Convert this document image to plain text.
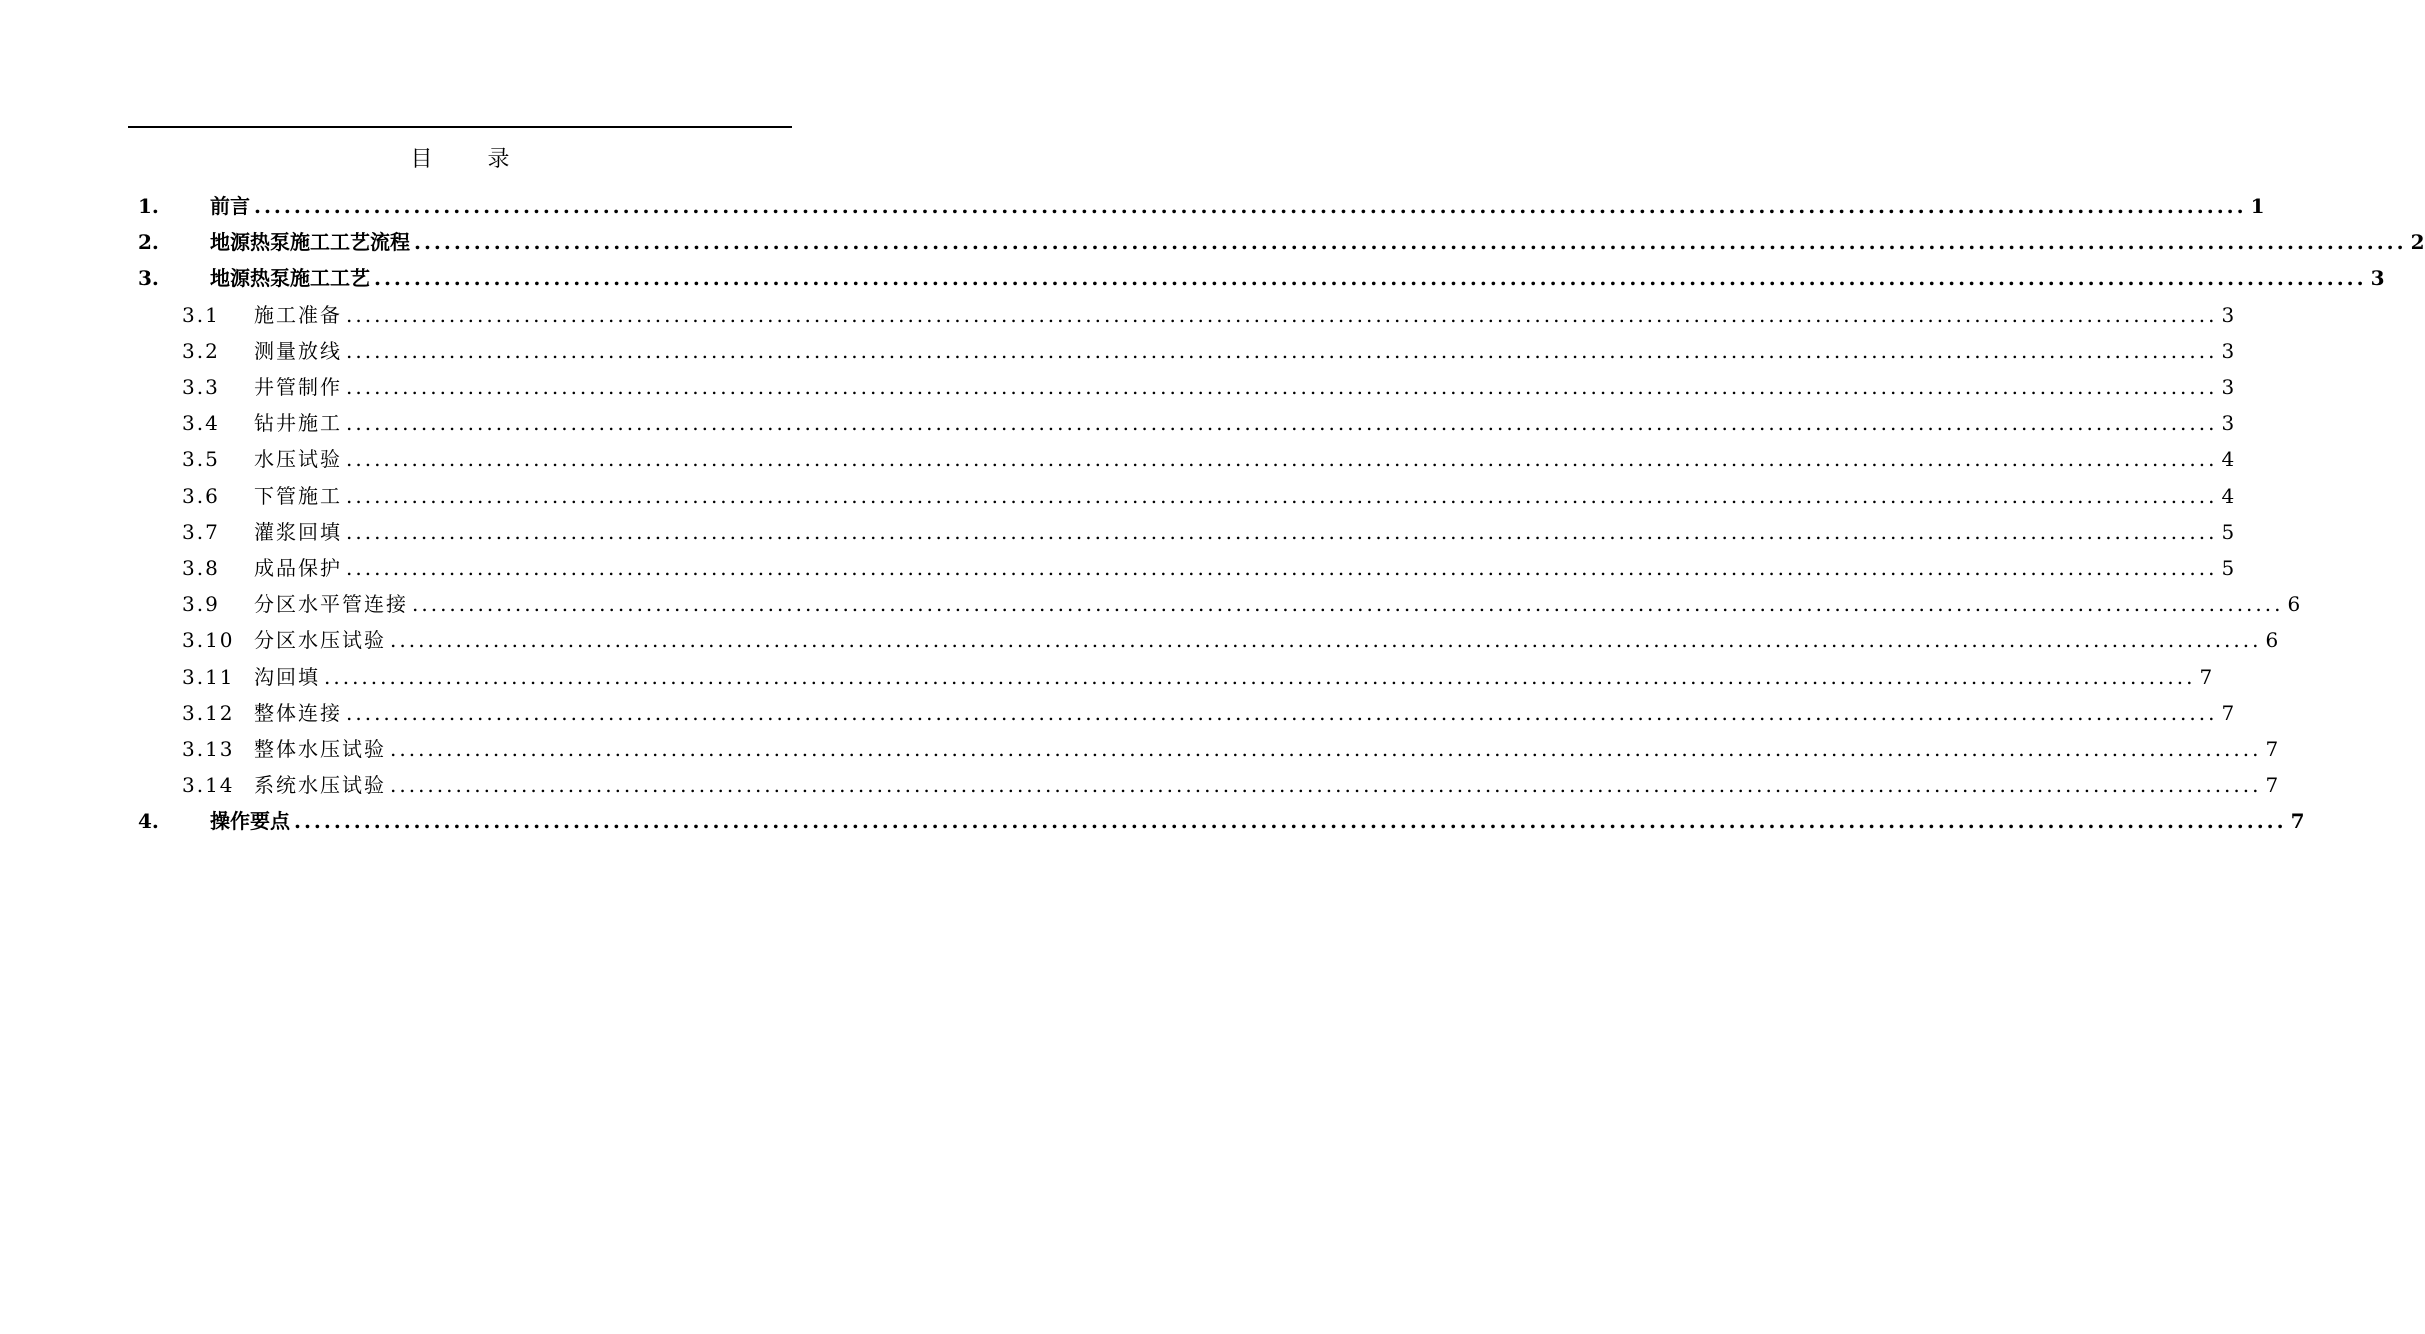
目 录
1.	前言 ........................................................................................................................................................................................................ 1
2.	地源热泵施工工艺流程 ........................................................................................................................................................................................................ 2
3.	地源热泵施工工艺 ........................................................................................................................................................................................................ 3
3.1 施工准备 ........................................................................................................................................................................................................ 3
3.2 测量放线 ........................................................................................................................................................................................................ 3
3.3 井管制作 ........................................................................................................................................................................................................ 3
3.4 钻井施工 ........................................................................................................................................................................................................ 3
3.5 水压试验 ........................................................................................................................................................................................................ 4
3.6 下管施工 ........................................................................................................................................................................................................ 4
3.7 灌浆回填 ........................................................................................................................................................................................................ 5
3.8 成品保护 ........................................................................................................................................................................................................ 5
3.9 分区水平管连接 ........................................................................................................................................................................................................ 6
3.10 分区水压试验 ........................................................................................................................................................................................................ 6
3.11 沟回填 ........................................................................................................................................................................................................ 7
3.12 整体连接 ........................................................................................................................................................................................................ 7
3.13 整体水压试验 ........................................................................................................................................................................................................ 7
3.14 系统水压试验 ........................................................................................................................................................................................................ 7
4.	操作要点 ........................................................................................................................................................................................................ 7
